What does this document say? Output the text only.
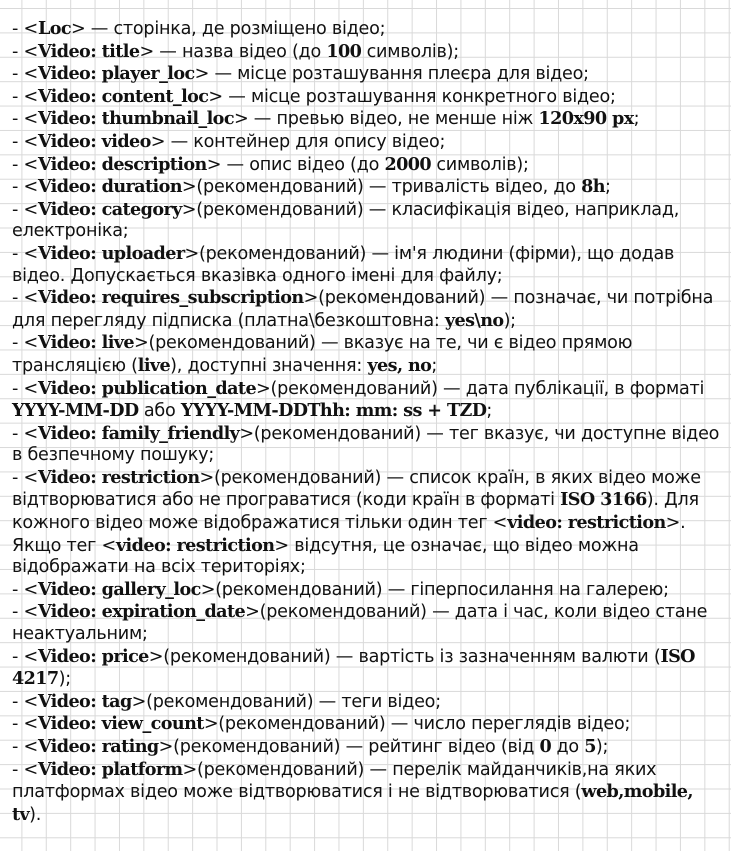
- <Loc> — сторінка, де розміщено відео;

- <Video: title> — назва відео (до 100 символів);

- <Video: player_loc> — місце розташування плеєра для відео;

- <Video: content_loc> — місце розташування конкретного відео;

- <Video: thumbnail_loc> — превью відео, не менше ніж 120х90 px;

- <Video: video> — контейнер для опису відео;

- <Video: description> — опис відео (до 2000 символів);

- <Video: duration>(рекомендований) — тривалість відео, до 8h;

- <Video: category>(рекомендований) — класифікація відео, наприклад, електроніка;

- <Video: uploader>(рекомендований) — ім'я людини (фірми), що додав відео. Допускається вказівка одного імені для файлу;

- <Video: requires_subscription>(рекомендований) — позначає, чи потрібна для перегляду підписка (платна\безкоштовна: yes\no);

- <Video: live>(рекомендований) — вказує на те, чи є відео прямою трансляцією (live), доступні значення: yes, no;

- <Video: publication_date>(рекомендований) — дата публікації, в форматі YYYY-MM-DD або YYYY-MM-DDThh: mm: ss + TZD;

- <Video: family_friendly>(рекомендований) — тег вказує, чи доступне відео в безпечному пошуку;

- <Video: restriction>(рекомендований) — список країн, в яких відео може відтворюватися або не програватися (коди країн в форматі ISO 3166). Для кожного відео може відображатися тільки один тег <video: restriction>. Якщо тег <video: restriction> відсутня, це означає, що відео можна відображати на всіх територіях;

- <Video: gallery_loc>(рекомендований) — гіперпосилання на галерею;

- <Video: expiration_date>(рекомендований) — дата і час, коли відео стане неактуальним;

- <Video: price>(рекомендований) — вартість із зазначенням валюти (ISO 4217);

- <Video: tag>(рекомендований) — теги відео;

- <Video: view_count>(рекомендований) — число переглядів відео;

- <Video: rating>(рекомендований) — рейтинг відео (від 0 до 5);

- <Video: platform>(рекомендований) — перелік майданчиків,на яких платформах відео може відтворюватися і не відтворюватися (web,mobile, tv).
